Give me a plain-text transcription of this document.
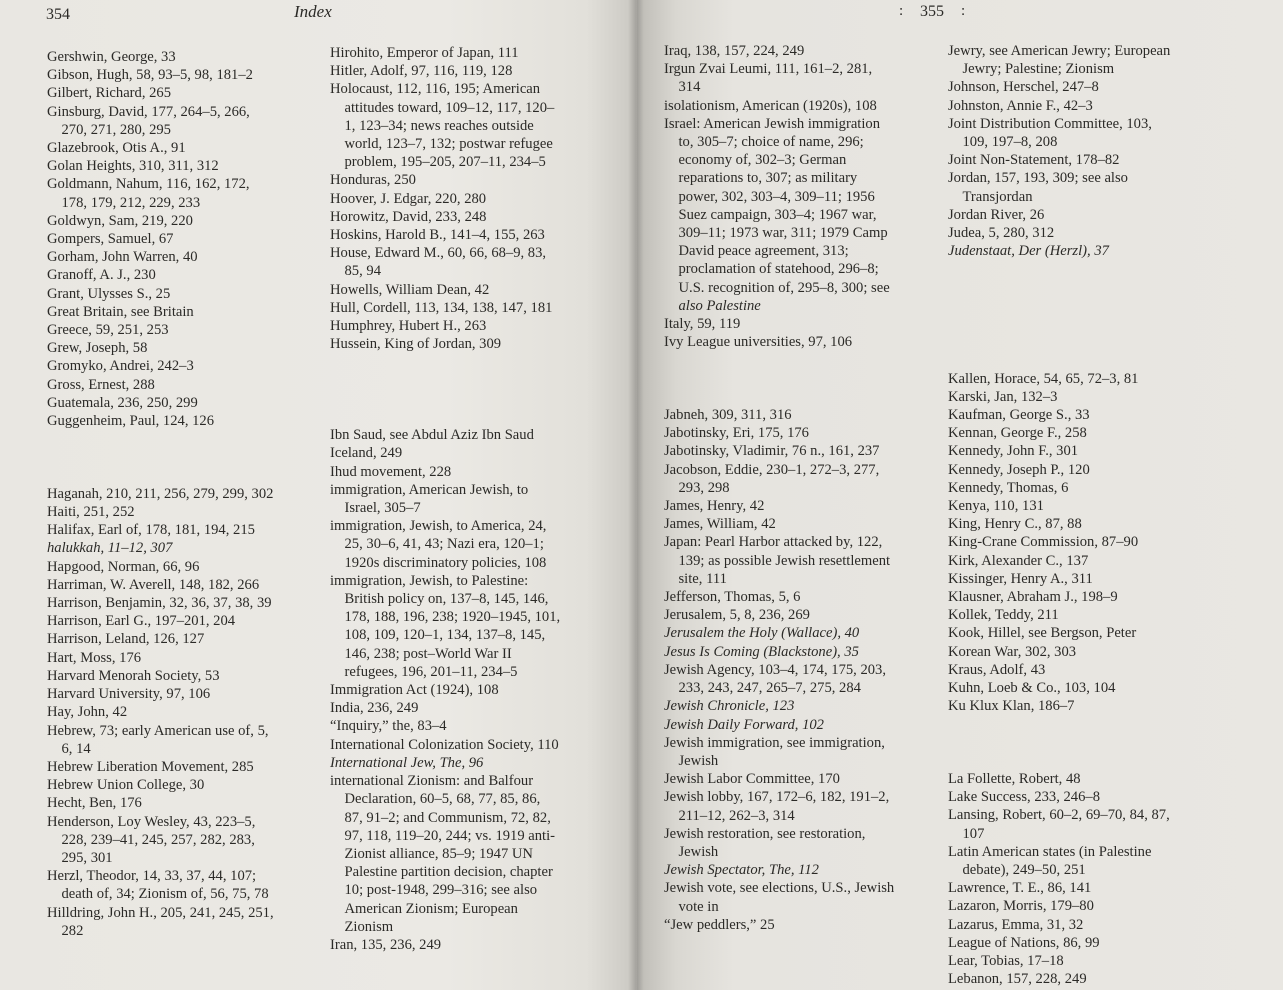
354	Index
Gershwin, George, 33
Gibson, Hugh, 58, 93–5, 98, 181–2
Gilbert, Richard, 265
Ginsburg, David, 177, 264–5, 266,
270, 271, 280, 295
Glazebrook, Otis A., 91
Golan Heights, 310, 311, 312
Goldmann, Nahum, 116, 162, 172,
178, 179, 212, 229, 233
Goldwyn, Sam, 219, 220
Gompers, Samuel, 67
Gorham, John Warren, 40
Granoff, A. J., 230
Grant, Ulysses S., 25
Great Britain, see Britain
Greece, 59, 251, 253
Grew, Joseph, 58
Gromyko, Andrei, 242–3
Gross, Ernest, 288
Guatemala, 236, 250, 299
Guggenheim, Paul, 124, 126
Haganah, 210, 211, 256, 279, 299, 302
Haiti, 251, 252
Halifax, Earl of, 178, 181, 194, 215
halukkah, 11–12, 307
Hapgood, Norman, 66, 96
Harriman, W. Averell, 148, 182, 266
Harrison, Benjamin, 32, 36, 37, 38, 39
Harrison, Earl G., 197–201, 204
Harrison, Leland, 126, 127
Hart, Moss, 176
Harvard Menorah Society, 53
Harvard University, 97, 106
Hay, John, 42
Hebrew, 73; early American use of, 5,
6, 14
Hebrew Liberation Movement, 285
Hebrew Union College, 30
Hecht, Ben, 176
Henderson, Loy Wesley, 43, 223–5,
228, 239–41, 245, 257, 282, 283,
295, 301
Herzl, Theodor, 14, 33, 37, 44, 107;
death of, 34; Zionism of, 56, 75, 78
Hilldring, John H., 205, 241, 245, 251,
282
Hirohito, Emperor of Japan, 111
Hitler, Adolf, 97, 116, 119, 128
Holocaust, 112, 116, 195; American
attitudes toward, 109–12, 117, 120–
1, 123–34; news reaches outside
world, 123–7, 132; postwar refugee
problem, 195–205, 207–11, 234–5
Honduras, 250
Hoover, J. Edgar, 220, 280
Horowitz, David, 233, 248
Hoskins, Harold B., 141–4, 155, 263
House, Edward M., 60, 66, 68–9, 83,
85, 94
Howells, William Dean, 42
Hull, Cordell, 113, 134, 138, 147, 181
Humphrey, Hubert H., 263
Hussein, King of Jordan, 309
Ibn Saud, see Abdul Aziz Ibn Saud
Iceland, 249
Ihud movement, 228
immigration, American Jewish, to
Israel, 305–7
immigration, Jewish, to America, 24,
25, 30–6, 41, 43; Nazi era, 120–1;
1920s discriminatory policies, 108
immigration, Jewish, to Palestine:
British policy on, 137–8, 145, 146,
178, 188, 196, 238; 1920–1945, 101,
108, 109, 120–1, 134, 137–8, 145,
146, 238; post–World War II
refugees, 196, 201–11, 234–5
Immigration Act (1924), 108
India, 236, 249
“Inquiry,” the, 83–4
International Colonization Society, 110
International Jew, The, 96
international Zionism: and Balfour
Declaration, 60–5, 68, 77, 85, 86,
87, 91–2; and Communism, 72, 82,
97, 118, 119–20, 244; vs. 1919 anti-
Zionist alliance, 85–9; 1947 UN
Palestine partition decision, chapter
10; post-1948, 299–316; see also
American Zionism; European
Zionism
Iran, 135, 236, 249
: 355 :
Iraq, 138, 157, 224, 249
Irgun Zvai Leumi, 111, 161–2, 281,
314
isolationism, American (1920s), 108
Israel: American Jewish immigration
to, 305–7; choice of name, 296;
economy of, 302–3; German
reparations to, 307; as military
power, 302, 303–4, 309–11; 1956
Suez campaign, 303–4; 1967 war,
309–11; 1973 war, 311; 1979 Camp
David peace agreement, 313;
proclamation of statehood, 296–8;
U.S. recognition of, 295–8, 300; see
also Palestine
Italy, 59, 119
Ivy League universities, 97, 106
Jabneh, 309, 311, 316
Jabotinsky, Eri, 175, 176
Jabotinsky, Vladimir, 76 n., 161, 237
Jacobson, Eddie, 230–1, 272–3, 277,
293, 298
James, Henry, 42
James, William, 42
Japan: Pearl Harbor attacked by, 122,
139; as possible Jewish resettlement
site, 111
Jefferson, Thomas, 5, 6
Jerusalem, 5, 8, 236, 269
Jerusalem the Holy (Wallace), 40
Jesus Is Coming (Blackstone), 35
Jewish Agency, 103–4, 174, 175, 203,
233, 243, 247, 265–7, 275, 284
Jewish Chronicle, 123
Jewish Daily Forward, 102
Jewish immigration, see immigration,
Jewish
Jewish Labor Committee, 170
Jewish lobby, 167, 172–6, 182, 191–2,
211–12, 262–3, 314
Jewish restoration, see restoration,
Jewish
Jewish Spectator, The, 112
Jewish vote, see elections, U.S., Jewish
vote in
“Jew peddlers,” 25
Jewry, see American Jewry; European
Jewry; Palestine; Zionism
Johnson, Herschel, 247–8
Johnston, Annie F., 42–3
Joint Distribution Committee, 103,
109, 197–8, 208
Joint Non-Statement, 178–82
Jordan, 157, 193, 309; see also
Transjordan
Jordan River, 26
Judea, 5, 280, 312
Judenstaat, Der (Herzl), 37
Kallen, Horace, 54, 65, 72–3, 81
Karski, Jan, 132–3
Kaufman, George S., 33
Kennan, George F., 258
Kennedy, John F., 301
Kennedy, Joseph P., 120
Kennedy, Thomas, 6
Kenya, 110, 131
King, Henry C., 87, 88
King-Crane Commission, 87–90
Kirk, Alexander C., 137
Kissinger, Henry A., 311
Klausner, Abraham J., 198–9
Kollek, Teddy, 211
Kook, Hillel, see Bergson, Peter
Korean War, 302, 303
Kraus, Adolf, 43
Kuhn, Loeb & Co., 103, 104
Ku Klux Klan, 186–7
La Follette, Robert, 48
Lake Success, 233, 246–8
Lansing, Robert, 60–2, 69–70, 84, 87,
107
Latin American states (in Palestine
debate), 249–50, 251
Lawrence, T. E., 86, 141
Lazaron, Morris, 179–80
Lazarus, Emma, 31, 32
League of Nations, 86, 99
Lear, Tobias, 17–18
Lebanon, 157, 228, 249
